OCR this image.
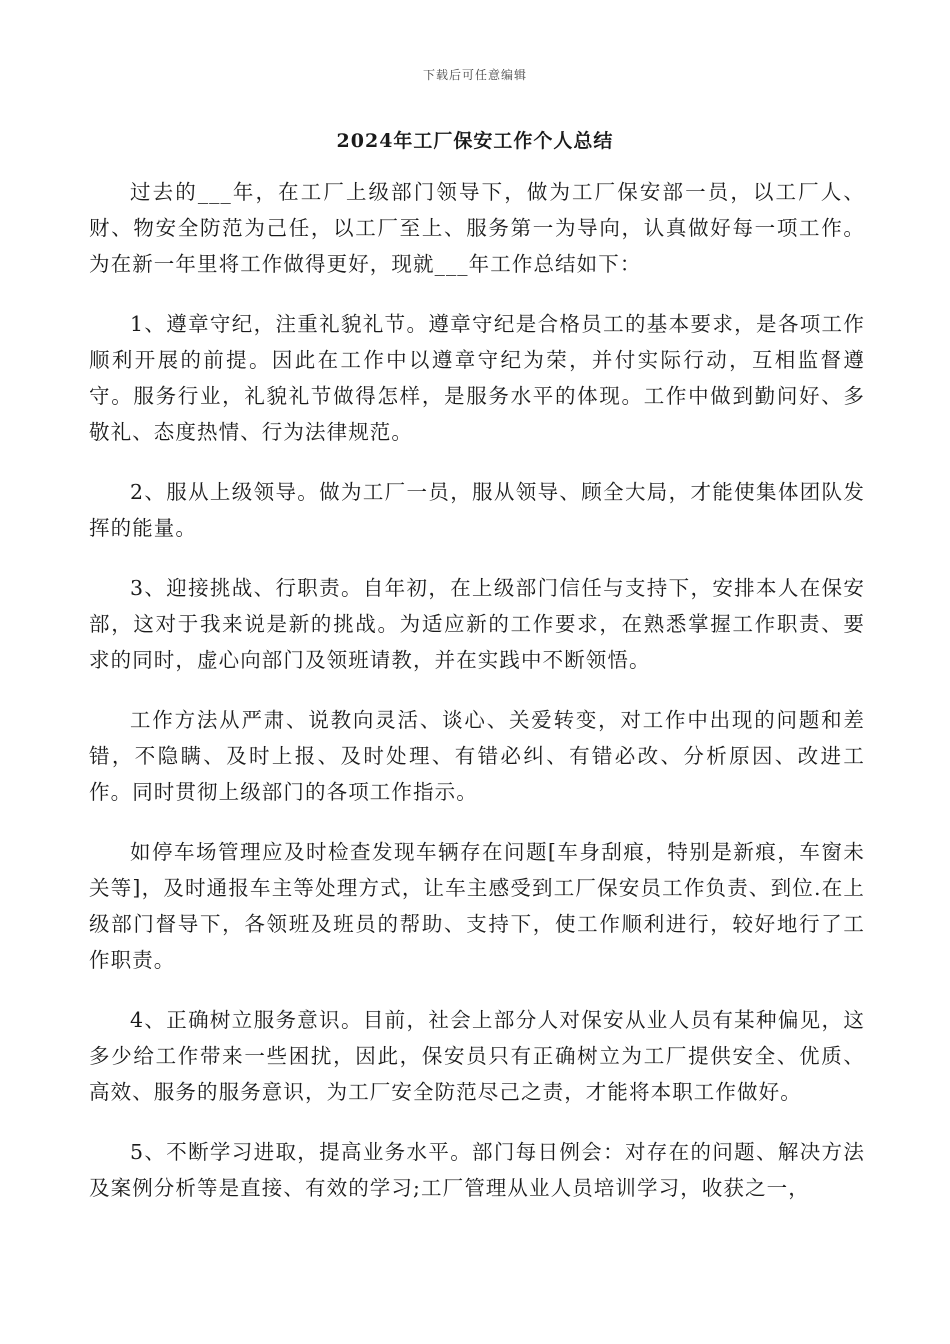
下载后可任意编辑
2024年工厂保安工作个人总结

过去的___年，在工厂上级部门领导下，做为工厂保安部一员，以工厂人、财、物安全防范为己任，以工厂至上、服务第一为导向，认真做好每一项工作。为在新一年里将工作做得更好，现就___年工作总结如下：

1、遵章守纪，注重礼貌礼节。遵章守纪是合格员工的基本要求，是各项工作顺利开展的前提。因此在工作中以遵章守纪为荣，并付实际行动，互相监督遵守。服务行业，礼貌礼节做得怎样，是服务水平的体现。工作中做到勤问好、多敬礼、态度热情、行为法律规范。

2、服从上级领导。做为工厂一员，服从领导、顾全大局，才能使集体团队发挥的能量。

3、迎接挑战、行职责。自年初，在上级部门信任与支持下，安排本人在保安部，这对于我来说是新的挑战。为适应新的工作要求，在熟悉掌握工作职责、要求的同时，虚心向部门及领班请教，并在实践中不断领悟。

工作方法从严肃、说教向灵活、谈心、关爱转变，对工作中出现的问题和差错，不隐瞒、及时上报、及时处理、有错必纠、有错必改、分析原因、改进工作。同时贯彻上级部门的各项工作指示。

如停车场管理应及时检查发现车辆存在问题[车身刮痕，特别是新痕，车窗未关等]，及时通报车主等处理方式，让车主感受到工厂保安员工作负责、到位.在上级部门督导下，各领班及班员的帮助、支持下，使工作顺利进行，较好地行了工作职责。

4、正确树立服务意识。目前，社会上部分人对保安从业人员有某种偏见，这多少给工作带来一些困扰，因此，保安员只有正确树立为工厂提供安全、优质、高效、服务的服务意识，为工厂安全防范尽己之责，才能将本职工作做好。

5、不断学习进取，提高业务水平。部门每日例会：对存在的问题、解决方法及案例分析等是直接、有效的学习;工厂管理从业人员培训学习，收获之一，
